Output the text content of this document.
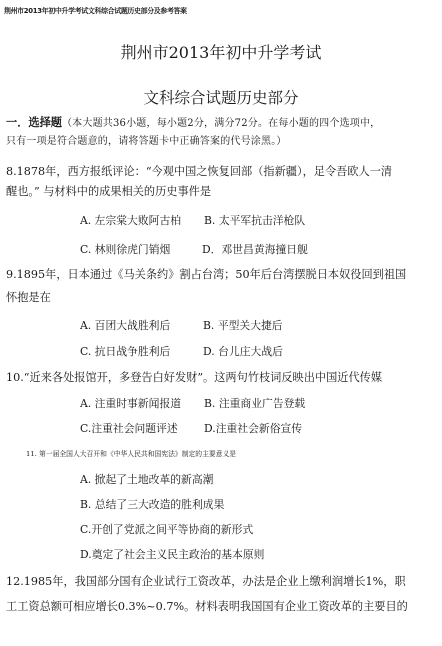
荆州市2013年初中升学考试文科综合试题历史部分及参考答案
荆州市2013年初中升学考试
文科综合试题历史部分
一．选择题（本大题共36小题，每小题2分，满分72分。在每小题的四个选项中，
只有一项是符合题意的，请将答题卡中正确答案的代号涂黑。）
8.1878年，西方报纸评论：“今观中国之恢复回部（指新疆），足令吾欧人一清
醒也。” 与材料中的成果相关的历史事件是
A. 左宗棠大败阿古柏 B. 太平军抗击洋枪队
C. 林则徐虎门销烟	D．邓世昌黄海撞日舰
9.1895年，日本通过《马关条约》割占台湾；50年后台湾摆脱日本奴役回到祖国
怀抱是在
A. 百团大战胜利后	B. 平型关大捷后
C. 抗日战争胜利后	D. 台儿庄大战后
10.“近来各处报馆开，多登告白好发财”。这两句竹枝词反映出中国近代传媒
A. 注重时事新闻报道 B. 注重商业广告登载
C.注重社会问题评述 D.注重社会新俗宣传
11. 第一届全国人大召开和《中华人民共和国宪法》制定的主要意义是
A. 掀起了土地改革的新高潮
B. 总结了三大改造的胜利成果
C.开创了党派之间平等协商的新形式
D.奠定了社会主义民主政治的基本原则
12.1985年，我国部分国有企业试行工资改革，办法是企业上缴利润增长1%，职
工工资总额可相应增长0.3%~0.7%。材料表明我国国有企业工资改革的主要目的
